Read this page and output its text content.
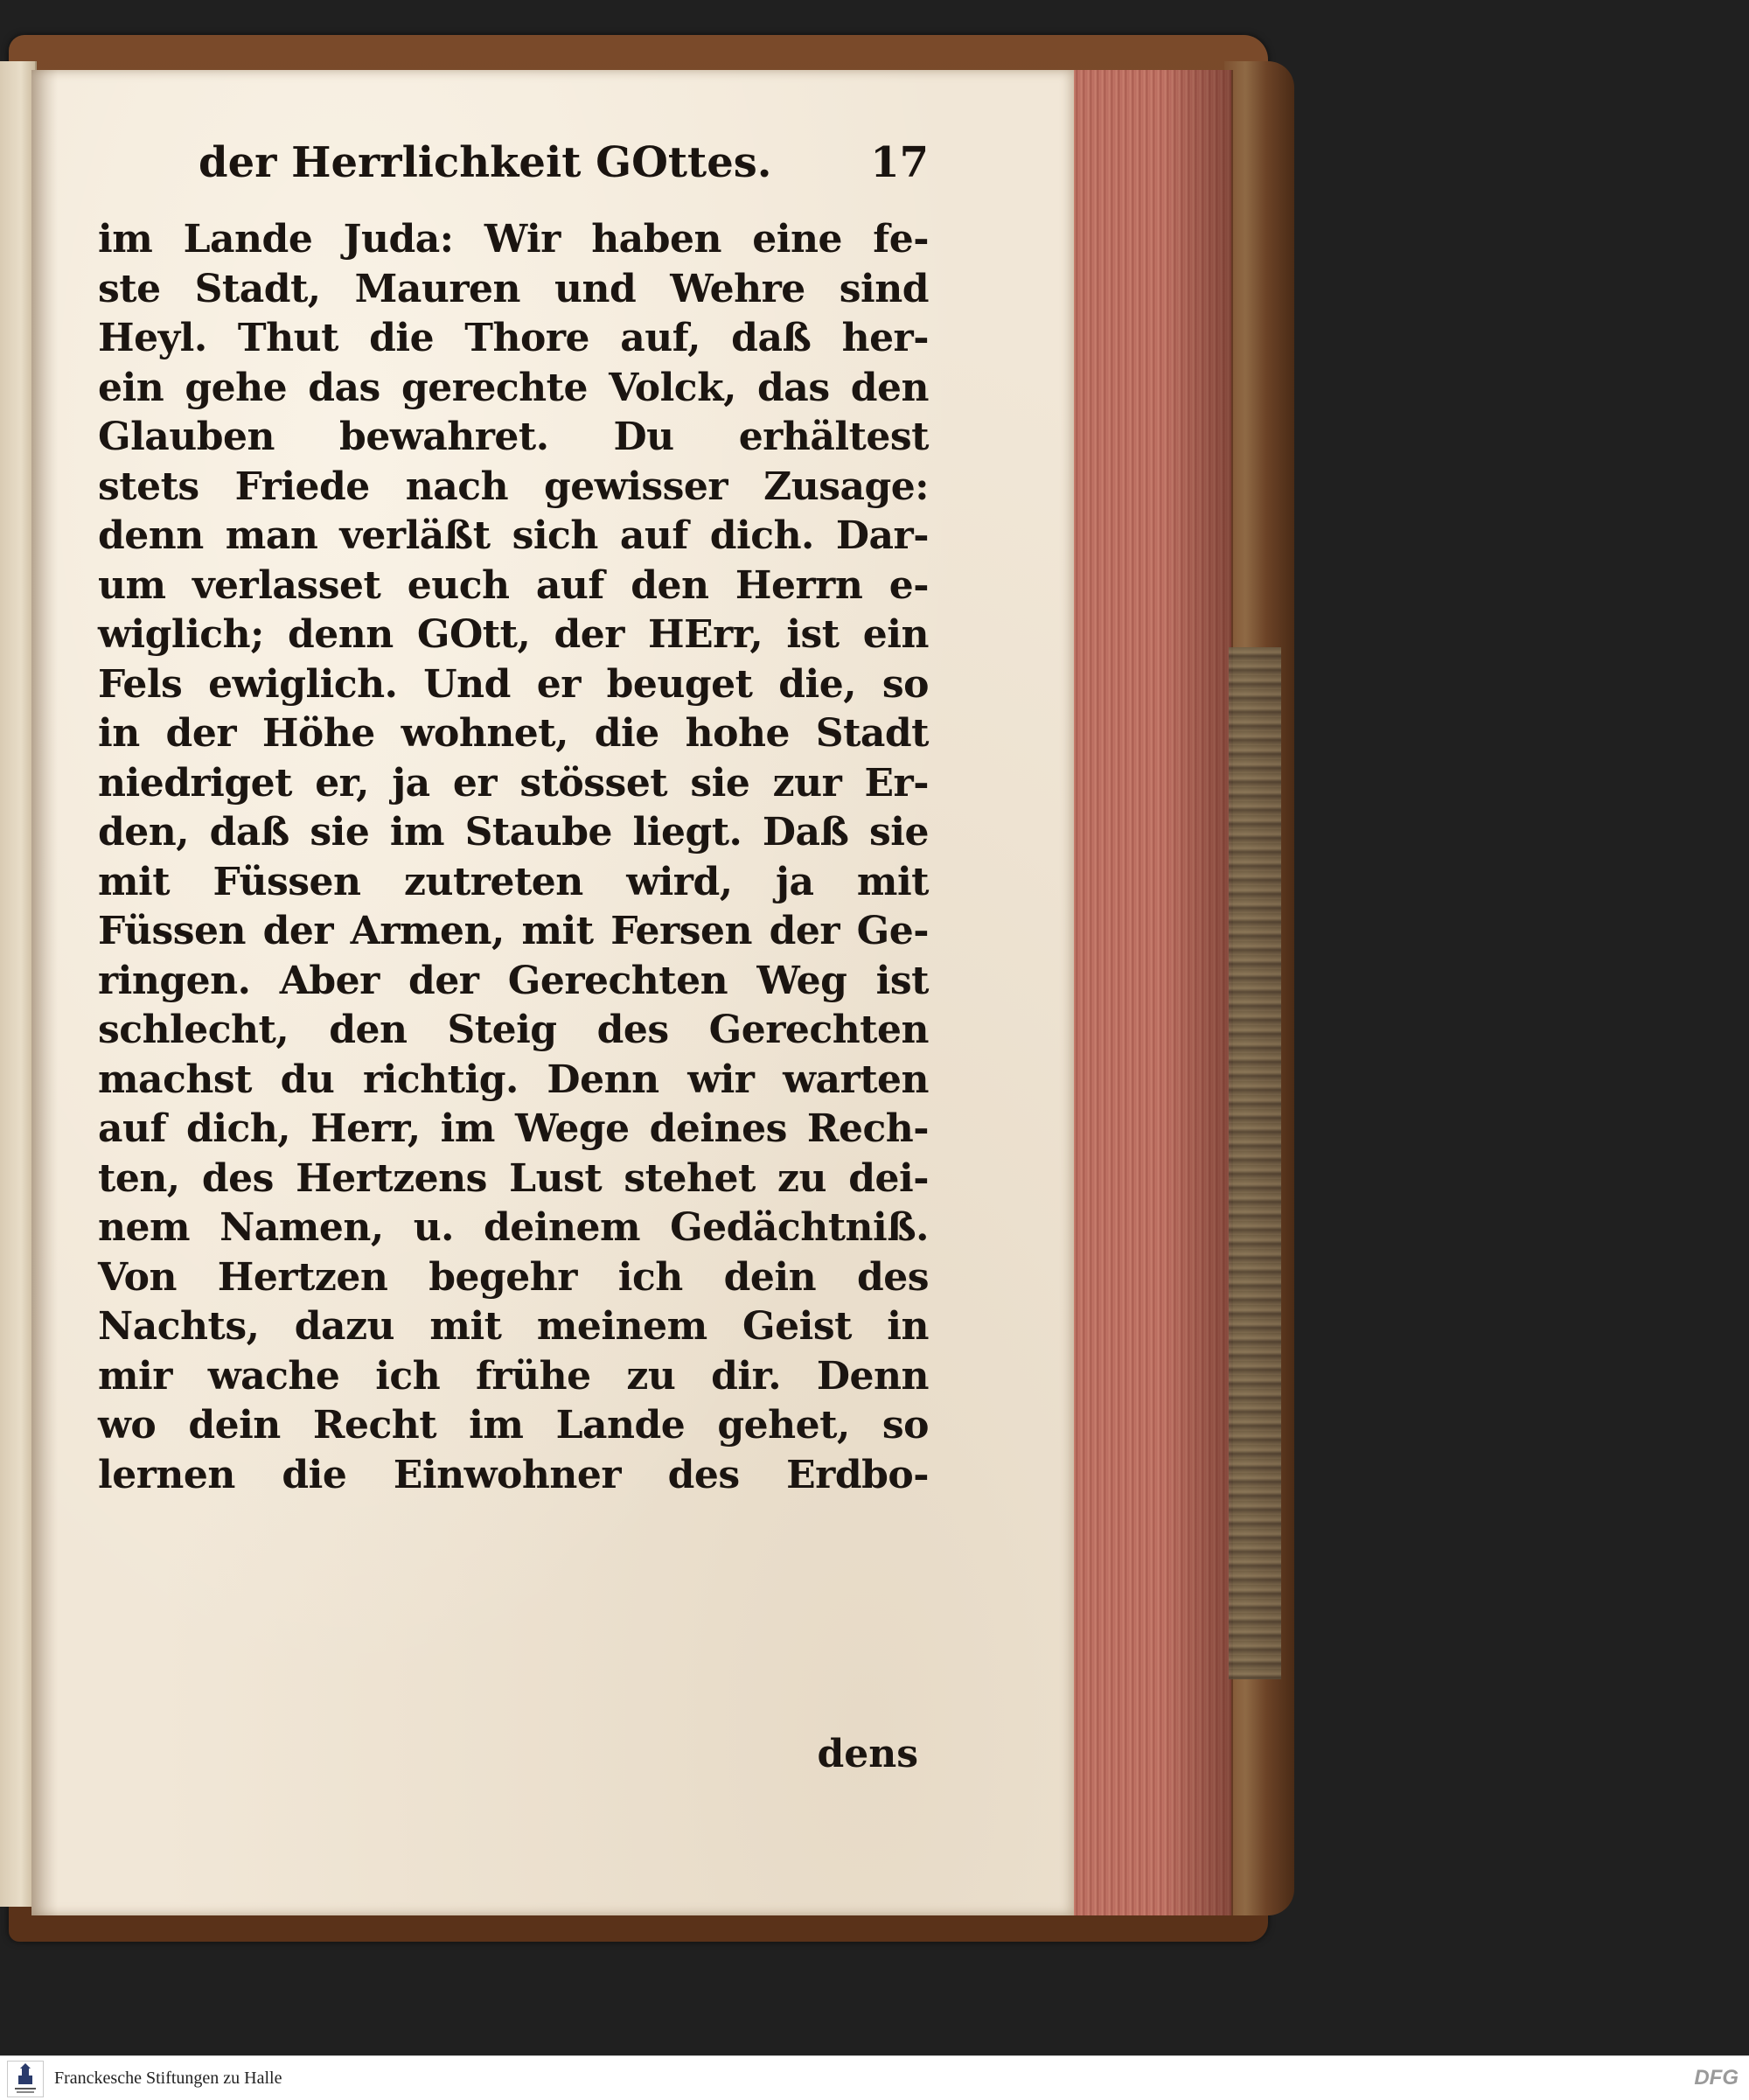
der Herrlichkeit GOttes. 17
im Lande Juda: Wir haben eine fe-
ste Stadt, Mauren und Wehre sind
Heyl. Thut die Thore auf, daß her-
ein gehe das gerechte Volck, das den
Glauben bewahret. Du erhältest
stets Friede nach gewisser Zusage:
denn man verläßt sich auf dich. Dar-
um verlasset euch auf den Herrn e-
wiglich; denn GOtt, der HErr, ist ein
Fels ewiglich. Und er beuget die, so
in der Höhe wohnet, die hohe Stadt
niedriget er, ja er stösset sie zur Er-
den, daß sie im Staube liegt. Daß sie
mit Füssen zutreten wird, ja mit
Füssen der Armen, mit Fersen der Ge-
ringen. Aber der Gerechten Weg ist
schlecht, den Steig des Gerechten
machst du richtig. Denn wir warten
auf dich, Herr, im Wege deines Rech-
ten, des Hertzens Lust stehet zu dei-
nem Namen, u. deinem Gedächtniß.
Von Hertzen begehr ich dein des
Nachts, dazu mit meinem Geist in
mir wache ich frühe zu dir. Denn
wo dein Recht im Lande gehet, so
lernen die Einwohner des Erdbo-
dens
Franckesche Stiftungen zu Halle	DFG
